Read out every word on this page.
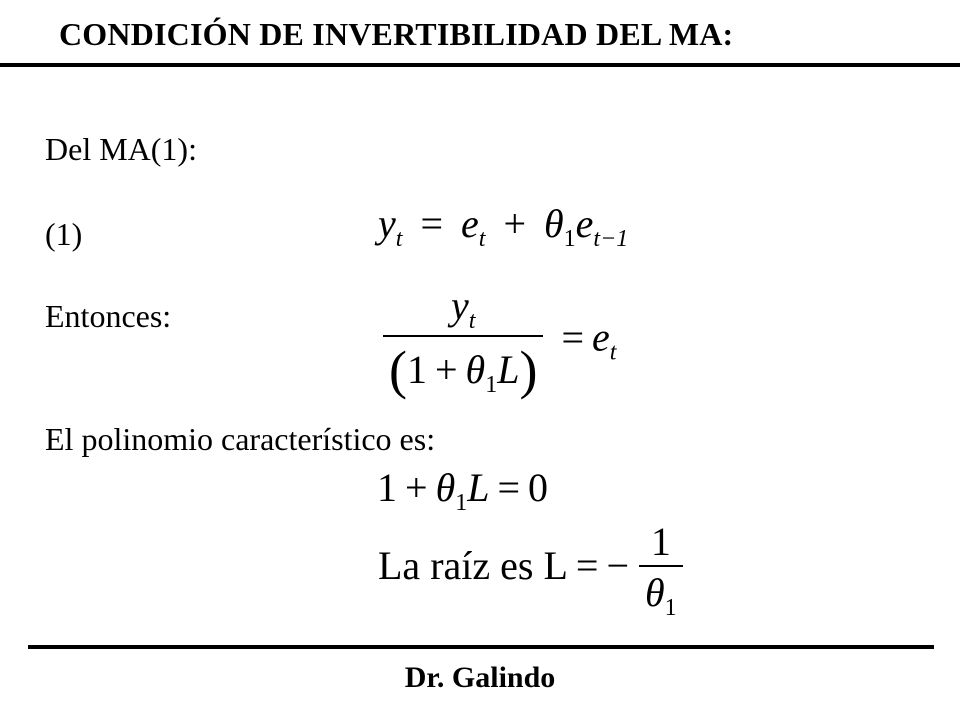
CONDICIÓN DE INVERTIBILIDAD DEL MA:
Del MA(1):
(1)
Entonces:
El polinomio característico es:
$y_t = e_t + \theta_1e_{t-1}$
$\frac{y_t}{(1 + \theta_1L)} = e_t$
$1 + \theta_1L = 0$
La raíz es L = − $\frac{1}{\theta_1}$
Dr. Galindo
